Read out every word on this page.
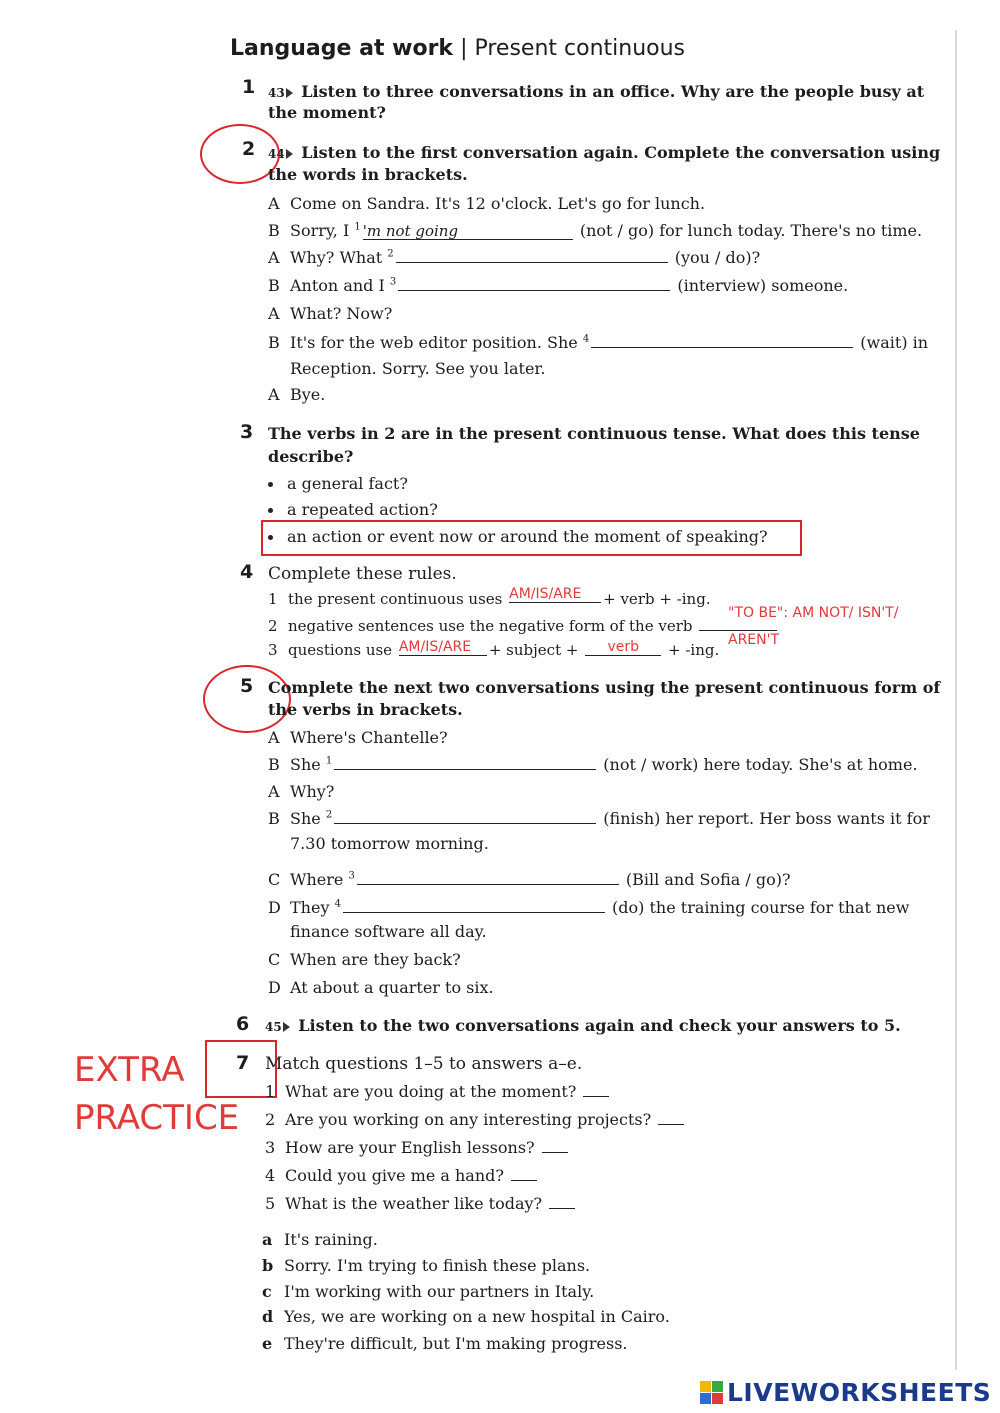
Language at work | Present continuous
1 43 Listen to three conversations in an office. Why are the people busy at
the moment?
2 44 Listen to the first conversation again. Complete the conversation using
the words in brackets.
A Come on Sandra. It's 12 o'clock. Let's go for lunch.
B Sorry, I $^1$ 'm not going	(not / go) for lunch today. There's no time.
A Why? What $^2$	(you / do)?
B Anton and I $^3$	(interview) someone.
A What? Now?
B It's for the web editor position. She $^4$	(wait) in
Reception. Sorry. See you later.
A Bye.
3 The verbs in 2 are in the present continuous tense. What does this tense
describe?
a general fact?
a repeated action?
an action or event now or around the moment of speaking?
4 Complete these rules.
1 the present continuous uses AM/IS/ARE + verb + -ing.
2 negative sentences use the negative form of the verb
"TO BE": AM NOT/ ISN'T/
AREN'T
3 questions use AM/IS/ARE + subject + verb + -ing.
5 Complete the next two conversations using the present continuous form of
the verbs in brackets.
A Where's Chantelle?
B She $^1$	(not / work) here today. She's at home.
A Why?
B She $^2$	(finish) her report. Her boss wants it for
7.30 tomorrow morning.
C Where $^3$	(Bill and Sofia / go)?
D They $^4$	(do) the training course for that new
finance software all day.
C When are they back?
D At about a quarter to six.
6 45 Listen to the two conversations again and check your answers to 5.
EXTRA
PRACTICE
7 Match questions 1–5 to answers a–e.
1 What are you doing at the moment?
2 Are you working on any interesting projects?
3 How are your English lessons?
4 Could you give me a hand?
5 What is the weather like today?
a It's raining.
b Sorry. I'm trying to finish these plans.
c I'm working with our partners in Italy.
d Yes, we are working on a new hospital in Cairo.
e They're difficult, but I'm making progress.
LIVEWORKSHEETS
